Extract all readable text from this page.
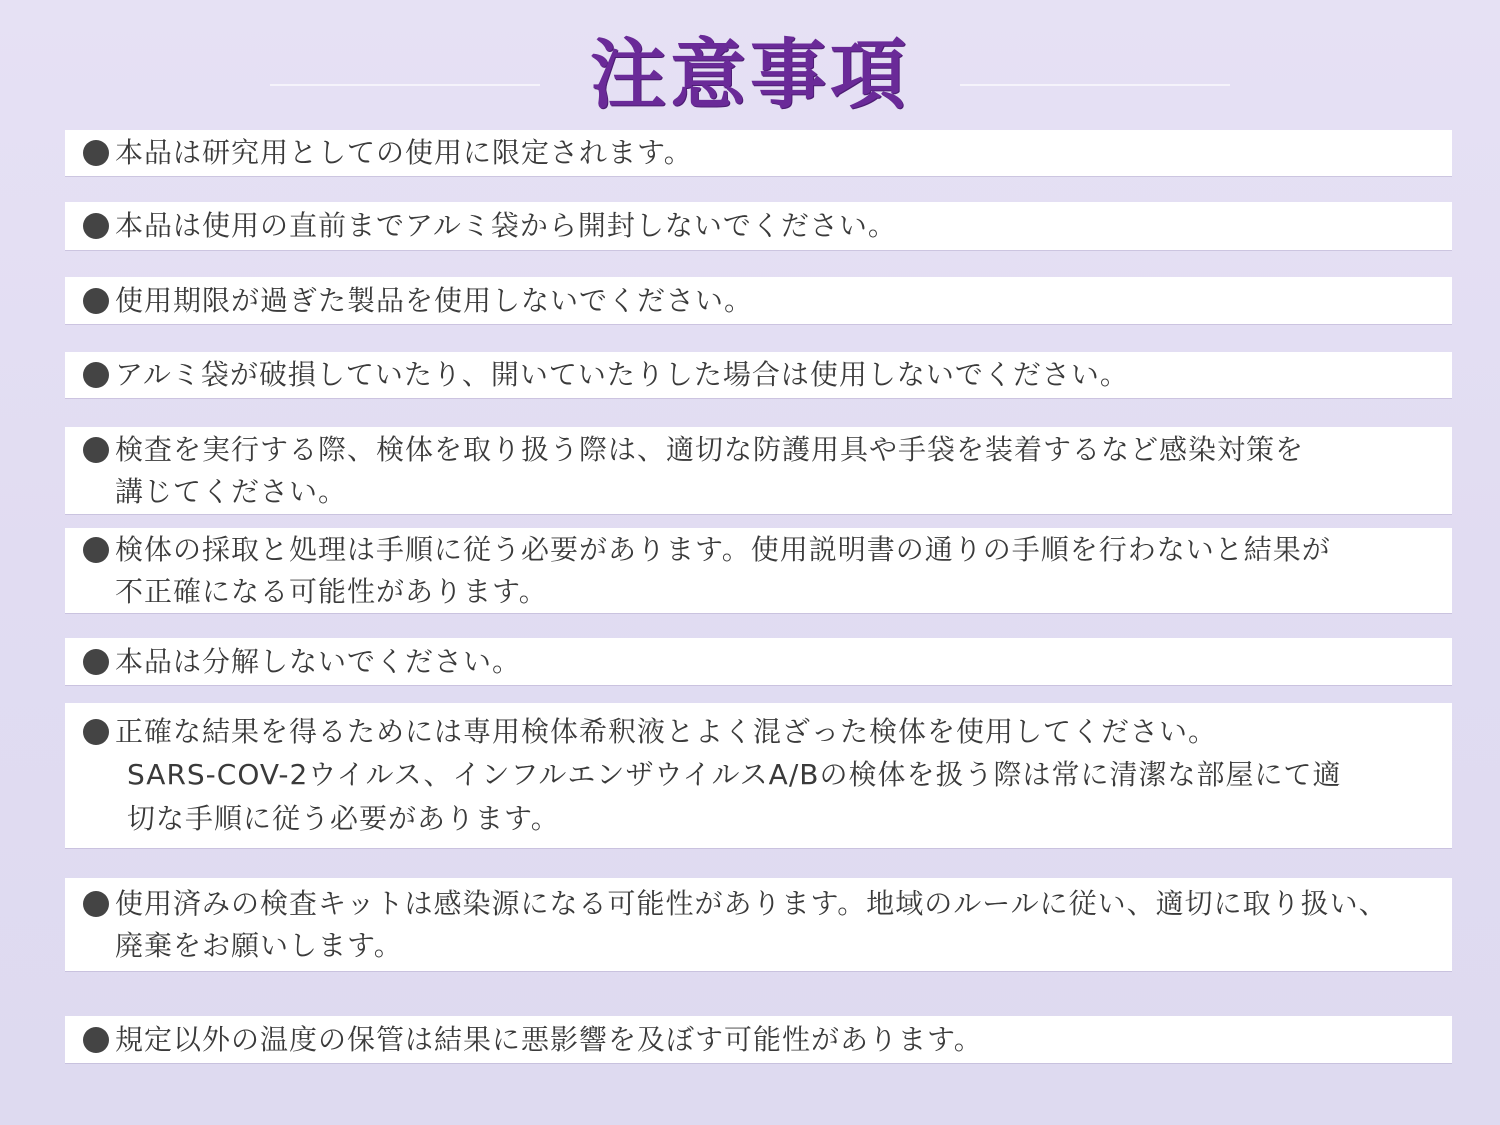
注意事項
本品は研究用としての使用に限定されます。
本品は使用の直前までアルミ袋から開封しないでください。
使用期限が過ぎた製品を使用しないでください。
アルミ袋が破損していたり、開いていたりした場合は使用しないでください。
検査を実行する際、検体を取り扱う際は、適切な防護用具や手袋を装着するなど感染対策を
講じてください。
検体の採取と処理は手順に従う必要があります。使用説明書の通りの手順を行わないと結果が
不正確になる可能性があります。
本品は分解しないでください。
正確な結果を得るためには専用検体希釈液とよく混ざった検体を使用してください。
SARS-COV-2ウイルス、インフルエンザウイルスA/Bの検体を扱う際は常に清潔な部屋にて適
切な手順に従う必要があります。
使用済みの検査キットは感染源になる可能性があります。地域のルールに従い、適切に取り扱い、
廃棄をお願いします。
規定以外の温度の保管は結果に悪影響を及ぼす可能性があります。
